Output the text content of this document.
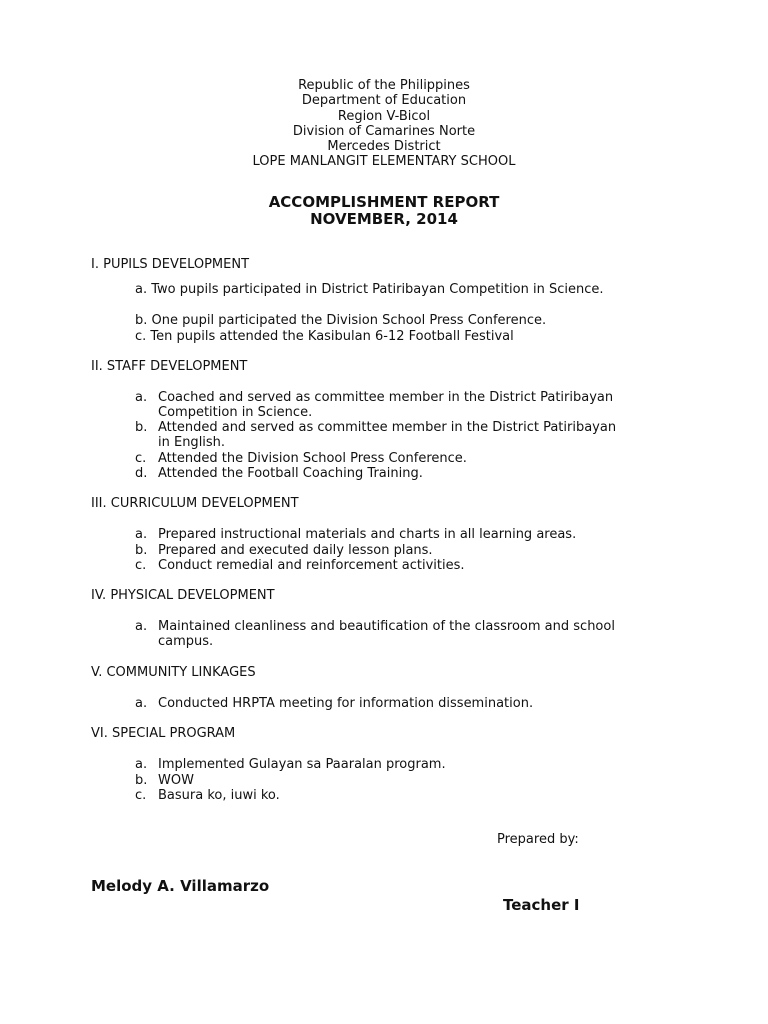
Republic of the Philippines
Department of Education
Region V-Bicol
Division of Camarines Norte
Mercedes District
LOPE MANLANGIT ELEMENTARY SCHOOL
ACCOMPLISHMENT REPORT
NOVEMBER, 2014
I. PUPILS DEVELOPMENT
a. Two pupils participated in District Patiribayan Competition in Science.
b. One pupil participated the Division School Press Conference.
c. Ten pupils attended the Kasibulan 6-12 Football Festival
II. STAFF DEVELOPMENT
a. Coached and served as committee member in the District Patiribayan Competition in Science.
b. Attended and served as committee member in the District Patiribayan in English.
c. Attended the Division School Press Conference.
d. Attended the Football Coaching Training.
III. CURRICULUM DEVELOPMENT
a. Prepared instructional materials and charts in all learning areas.
b. Prepared and executed daily lesson plans.
c. Conduct remedial and reinforcement activities.
IV. PHYSICAL DEVELOPMENT
a. Maintained cleanliness and beautification of the classroom and school campus.
V. COMMUNITY LINKAGES
a. Conducted HRPTA meeting for information dissemination.
VI. SPECIAL PROGRAM
a. Implemented Gulayan sa Paaralan program.
b. WOW
c. Basura ko, iuwi ko.
Prepared by:
Melody A. Villamarzo
Teacher I
